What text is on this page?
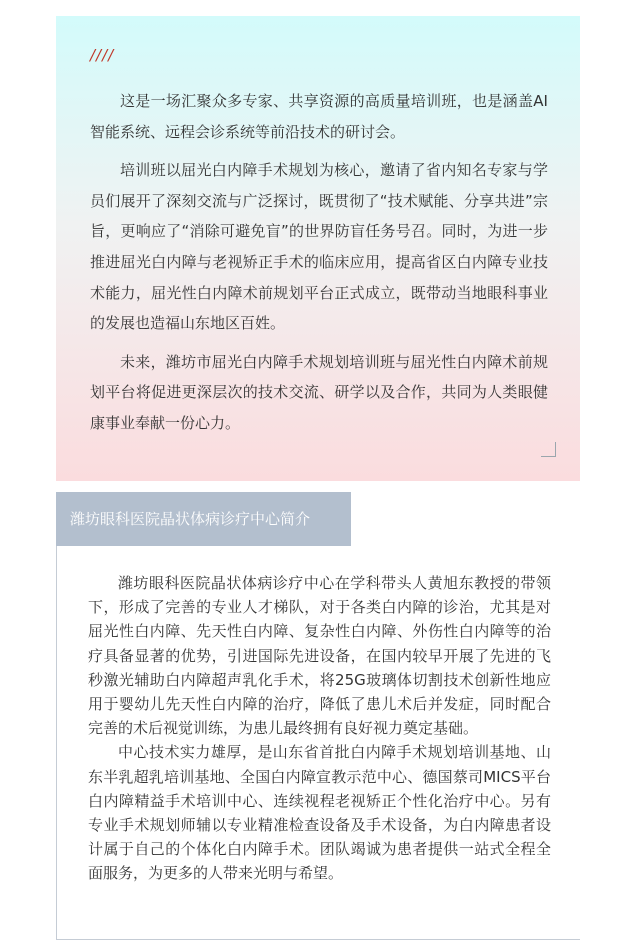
////

这是一场汇聚众多专家、共享资源的高质量培训班，也是涵盖AI智能系统、远程会诊系统等前沿技术的研讨会。

培训班以屈光白内障手术规划为核心，邀请了省内知名专家与学员们展开了深刻交流与广泛探讨，既贯彻了“技术赋能、分享共进”宗旨，更响应了“消除可避免盲”的世界防盲任务号召。同时，为进一步推进屈光白内障与老视矫正手术的临床应用，提高省区白内障专业技术能力，屈光性白内障术前规划平台正式成立，既带动当地眼科事业的发展也造福山东地区百姓。

未来，潍坊市屈光白内障手术规划培训班与屈光性白内障术前规划平台将促进更深层次的技术交流、研学以及合作，共同为人类眼健康事业奉献一份心力。

潍坊眼科医院晶状体病诊疗中心简介

潍坊眼科医院晶状体病诊疗中心在学科带头人黄旭东教授的带领下，形成了完善的专业人才梯队，对于各类白内障的诊治，尤其是对屈光性白内障、先天性白内障、复杂性白内障、外伤性白内障等的治疗具备显著的优势，引进国际先进设备，在国内较早开展了先进的飞秒激光辅助白内障超声乳化手术，将25G玻璃体切割技术创新性地应用于婴幼儿先天性白内障的治疗，降低了患儿术后并发症，同时配合完善的术后视觉训练，为患儿最终拥有良好视力奠定基础。

中心技术实力雄厚，是山东省首批白内障手术规划培训基地、山东半乳超乳培训基地、全国白内障宣教示范中心、德国蔡司MICS平台白内障精益手术培训中心、连续视程老视矫正个性化治疗中心。另有专业手术规划师辅以专业精准检查设备及手术设备，为白内障患者设计属于自己的个体化白内障手术。团队竭诚为患者提供一站式全程全面服务，为更多的人带来光明与希望。
